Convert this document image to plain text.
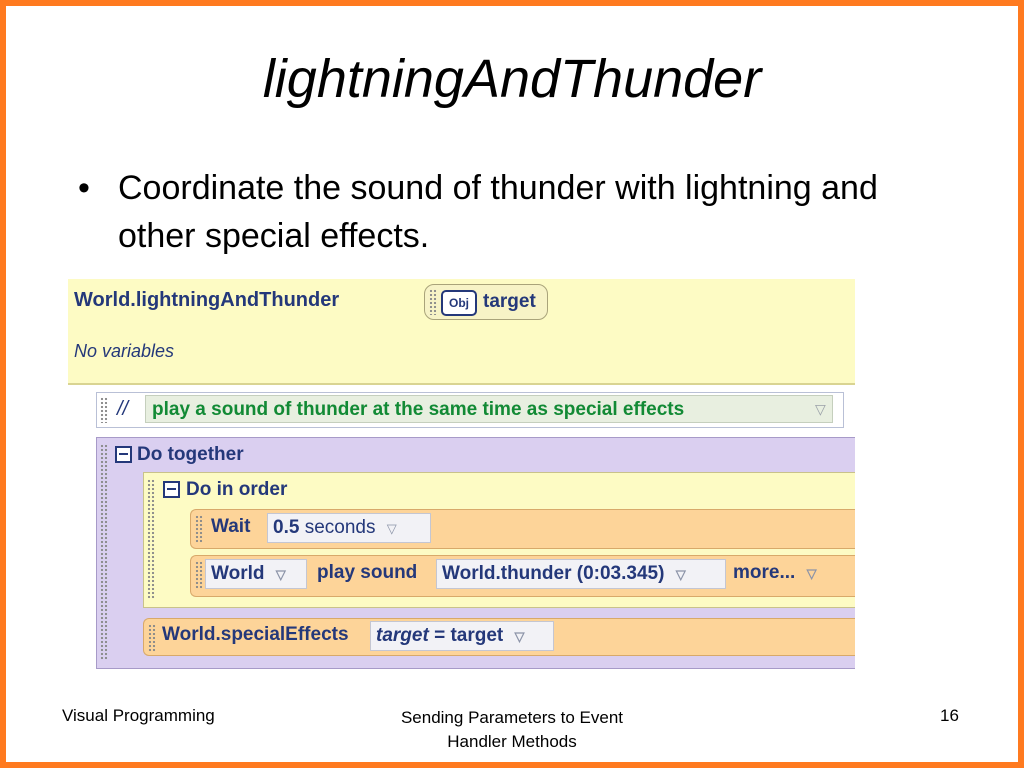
lightningAndThunder
• Coordinate the sound of thunder with lightning and other special effects.
World.lightningAndThunder	Obj target
No variables
//	play a sound of thunder at the same time as special effects	▽
Do together
Do in order
Wait	0.5 seconds ▽
World ▽	play sound	World.thunder (0:03.345) ▽	more... ▽
World.specialEffects	target = target ▽
Visual Programming	Sending Parameters to Event
Handler Methods
16
